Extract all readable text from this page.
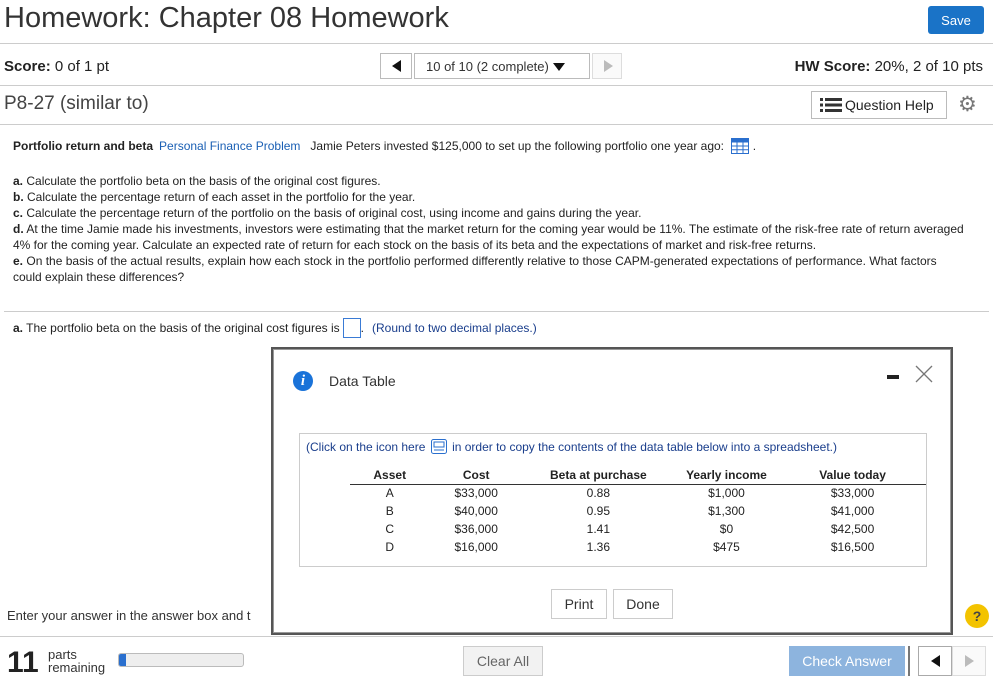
Homework: Chapter 08 Homework	Save
Score: 0 of 1 pt	10 of 10 (2 complete)	HW Score: 20%, 2 of 10 pts
P8-27 (similar to)	Question Help	⚙
Portfolio return and beta Personal Finance Problem Jamie Peters invested $125,000 to set up the following portfolio one year ago:  .

a. Calculate the portfolio beta on the basis of the original cost figures.

b. Calculate the percentage return of each asset in the portfolio for the year.

c. Calculate the percentage return of the portfolio on the basis of original cost, using income and gains during the year.

d. At the time Jamie made his investments, investors were estimating that the market return for the coming year would be 11%. The estimate of the risk-free rate of return averaged 4% for the coming year. Calculate an expected rate of return for each stock on the basis of its beta and the expectations of market and risk-free returns.

e. On the basis of the actual results, explain how each stock in the portfolio performed differently relative to those CAPM-generated expectations of performance. What factors could explain these differences?

a. The portfolio beta on the basis of the original cost figures is . (Round to two decimal places.)
Enter your answer in the answer box and t	?
11 parts
remaining	Clear All	Check Answer
i	Data Table
(Click on the icon here in order to copy the contents of the data table below into a spreadsheet.)
Asset	Cost	Beta at purchase	Yearly income	Value today
A	$33,000	0.88	$1,000	$33,000
B	$40,000	0.95	$1,300	$41,000
C	$36,000	1.41	$0	$42,500
D	$16,000	1.36	$475	$16,500
Print	Done
